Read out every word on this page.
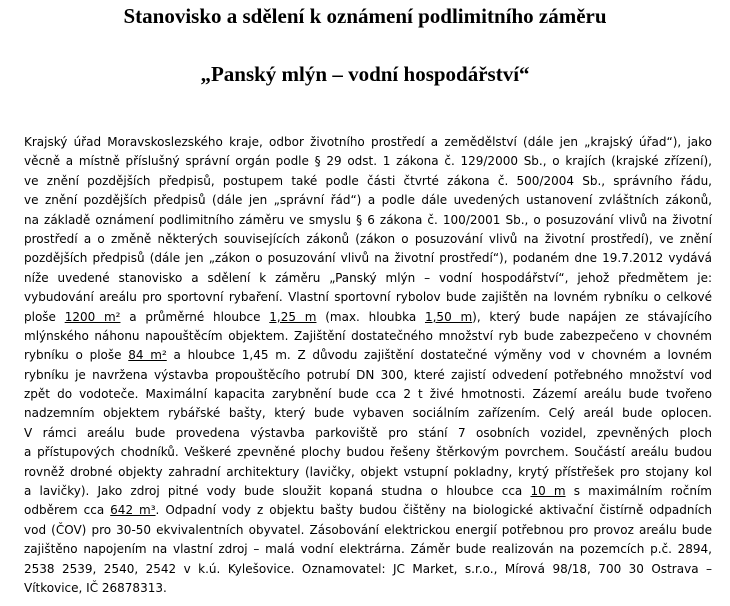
Stanovisko a sdělení k oznámení podlimitního záměru
„Panský mlýn – vodní hospodářství“
Krajský úřad Moravskoslezského kraje, odbor životního prostředí a zemědělství (dále jen „krajský úřad“), jako
věcně a místně příslušný správní orgán podle § 29 odst. 1 zákona č. 129/2000 Sb., o krajích (krajské zřízení),
ve znění pozdějších předpisů, postupem také podle části čtvrté zákona č. 500/2004 Sb., správního řádu,
ve znění pozdějších předpisů (dále jen „správní řád“) a podle dále uvedených ustanovení zvláštních zákonů,
na základě oznámení podlimitního záměru ve smyslu § 6 zákona č. 100/2001 Sb., o posuzování vlivů na životní
prostředí a o změně některých souvisejících zákonů (zákon o posuzování vlivů na životní prostředí), ve znění
pozdějších předpisů (dále jen „zákon o posuzování vlivů na životní prostředí“), podaném dne 19.7.2012 vydává
níže uvedené stanovisko a sdělení k záměru „Panský mlýn – vodní hospodářství“, jehož předmětem je:
vybudování areálu pro sportovní rybaření. Vlastní sportovní rybolov bude zajištěn na lovném rybníku o celkové
ploše 1200 m² a průměrné hloubce 1,25 m (max. hloubka 1,50 m), který bude napájen ze stávajícího
mlýnského náhonu napouštěcím objektem. Zajištění dostatečného množství ryb bude zabezpečeno v chovném
rybníku o ploše 84 m² a hloubce 1,45 m. Z důvodu zajištění dostatečné výměny vod v chovném a lovném
rybníku je navržena výstavba propouštěcího potrubí DN 300, které zajistí odvedení potřebného množství vod
zpět do vodoteče. Maximální kapacita zarybnění bude cca 2 t živé hmotnosti. Zázemí areálu bude tvořeno
nadzemním objektem rybářské bašty, který bude vybaven sociálním zařízením. Celý areál bude oplocen.
V rámci areálu bude provedena výstavba parkoviště pro stání 7 osobních vozidel, zpevněných ploch
a přístupových chodníků. Veškeré zpevněné plochy budou řešeny štěrkovým povrchem. Součástí areálu budou
rovněž drobné objekty zahradní architektury (lavičky, objekt vstupní pokladny, krytý přístřešek pro stojany kol
a lavičky). Jako zdroj pitné vody bude sloužit kopaná studna o hloubce cca 10 m s maximálním ročním
odběrem cca 642 m³. Odpadní vody z objektu bašty budou čištěny na biologické aktivační čistírně odpadních
vod (ČOV) pro 30-50 ekvivalentních obyvatel. Zásobování elektrickou energií potřebnou pro provoz areálu bude
zajištěno napojením na vlastní zdroj – malá vodní elektrárna. Záměr bude realizován na pozemcích p.č. 2894,
2538 2539, 2540, 2542 v k.ú. Kylešovice. Oznamovatel: JC Market, s.r.o., Mírová 98/18, 700 30 Ostrava –
Vítkovice, IČ 26878313.
